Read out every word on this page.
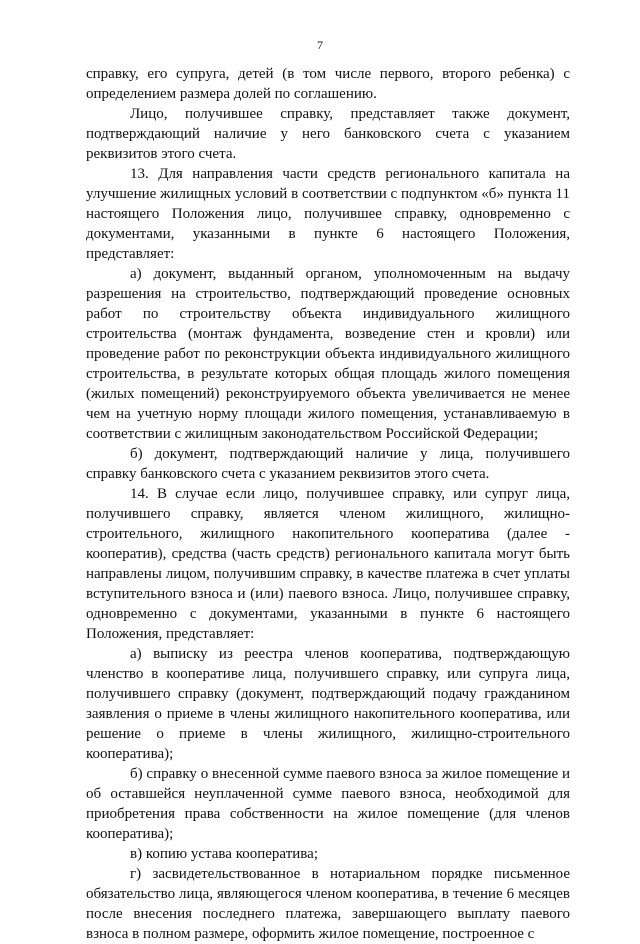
7

справку, его супруга, детей (в том числе первого, второго ребенка) с определением размера долей по соглашению.

Лицо, получившее справку, представляет также документ, подтверждающий наличие у него банковского счета с указанием реквизитов этого счета.

13. Для направления части средств регионального капитала на улучшение жилищных условий в соответствии с подпунктом «б» пункта 11 настоящего Положения лицо, получившее справку, одновременно с документами, указанными в пункте 6 настоящего Положения, представляет:

а) документ, выданный органом, уполномоченным на выдачу разрешения на строительство, подтверждающий проведение основных работ по строительству объекта индивидуального жилищного строительства (монтаж фундамента, возведение стен и кровли) или проведение работ по реконструкции объекта индивидуального жилищного строительства, в результате которых общая площадь жилого помещения (жилых помещений) реконструируемого объекта увеличивается не менее чем на учетную норму площади жилого помещения, устанавливаемую в соответствии с жилищным законодательством Российской Федерации;

б) документ, подтверждающий наличие у лица, получившего справку банковского счета с указанием реквизитов этого счета.

14. В случае если лицо, получившее справку, или супруг лица, получившего справку, является членом жилищного, жилищно-строительного, жилищного накопительного кооператива (далее - кооператив), средства (часть средств) регионального капитала могут быть направлены лицом, получившим справку, в качестве платежа в счет уплаты вступительного взноса и (или) паевого взноса. Лицо, получившее справку, одновременно с документами, указанными в пункте 6 настоящего Положения, представляет:

а) выписку из реестра членов кооператива, подтверждающую членство в кооперативе лица, получившего справку, или супруга лица, получившего справку (документ, подтверждающий подачу гражданином заявления о приеме в члены жилищного накопительного кооператива, или решение о приеме в члены жилищного, жилищно-строительного кооператива);

б) справку о внесенной сумме паевого взноса за жилое помещение и об оставшейся неуплаченной сумме паевого взноса, необходимой для приобретения права собственности на жилое помещение (для членов кооператива);

в) копию устава кооператива;

г) засвидетельствованное в нотариальном порядке письменное обязательство лица, являющегося членом кооператива, в течение 6 месяцев после внесения последнего платежа, завершающего выплату паевого взноса в полном размере, оформить жилое помещение, построенное с
